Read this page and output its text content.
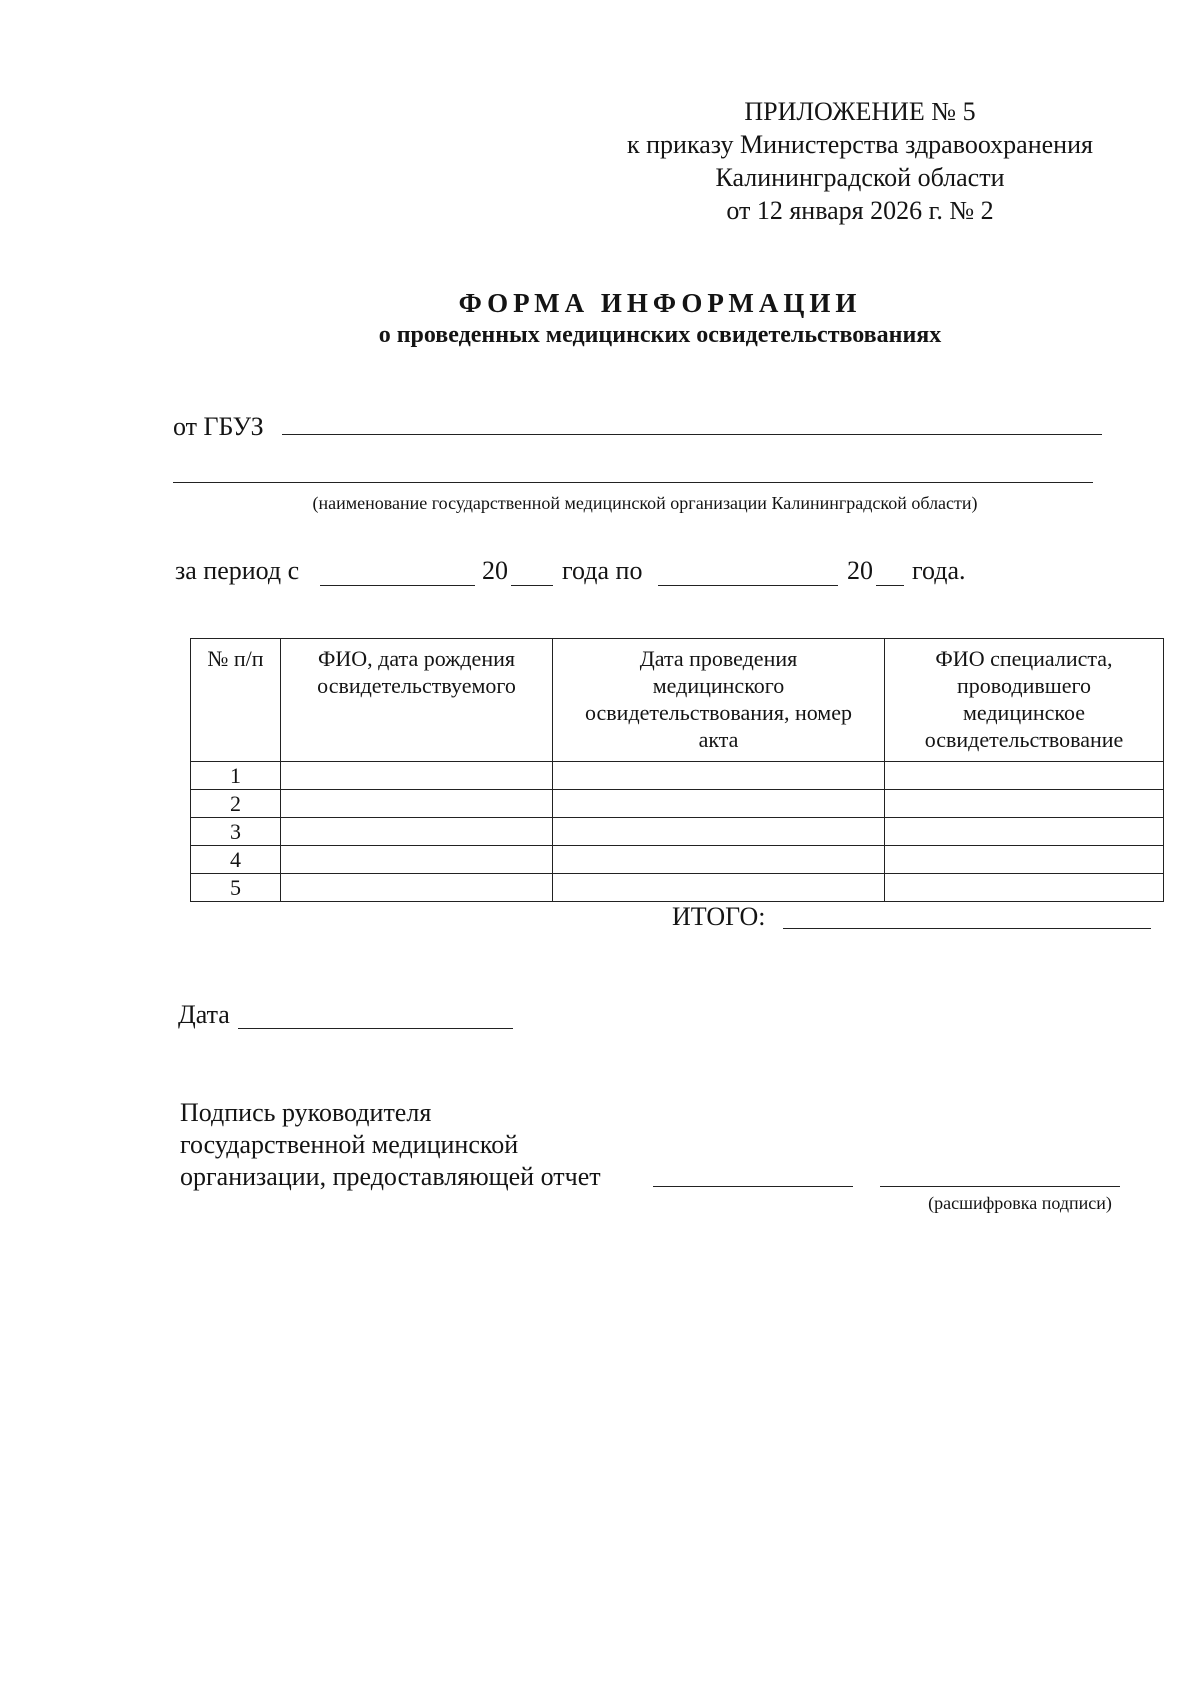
ПРИЛОЖЕНИЕ № 5
к приказу Министерства здравоохранения
Калининградской области
от 12 января 2026 г. № 2
ФОРМА ИНФОРМАЦИИ
о проведенных медицинских освидетельствованиях
от ГБУЗ
(наименование государственной медицинской организации Калининградской области)
за период с	20 года по	20 года.
№ п/п	ФИО, дата рождения освидетельствуемого	Дата проведения медицинского освидетельствования, номер акта	ФИО специалиста, проводившего медицинское освидетельствование
1			
2			
3			
4			
5			
ИТОГО:
Дата
Подпись руководителя
государственной медицинской
организации, предоставляющей отчет
(расшифровка подписи)
